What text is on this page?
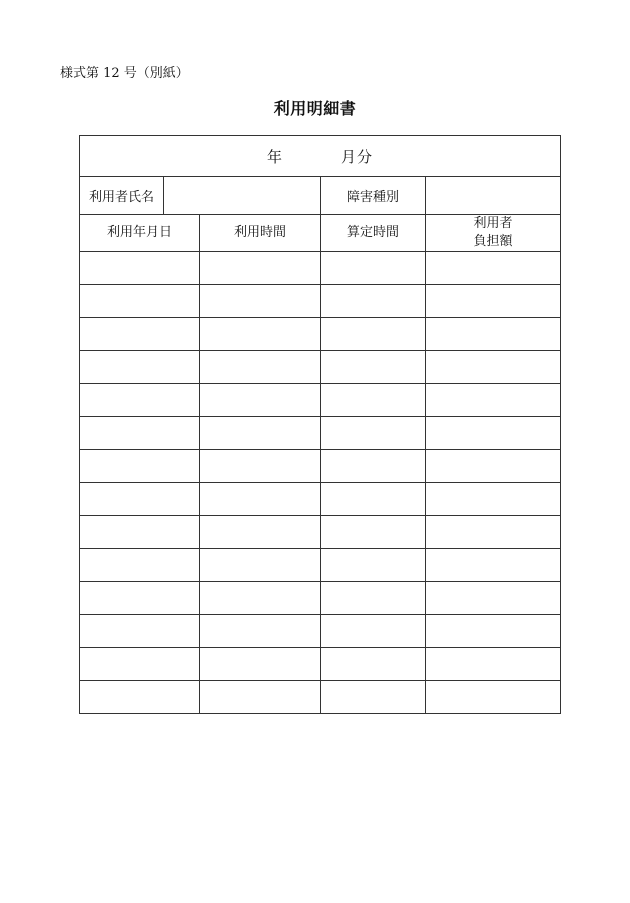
様式第 12 号（別紙）
利用明細書
年 月分				
利用者氏名			障害種別	
利用年月日		利用時間	算定時間	利用者
負担額
